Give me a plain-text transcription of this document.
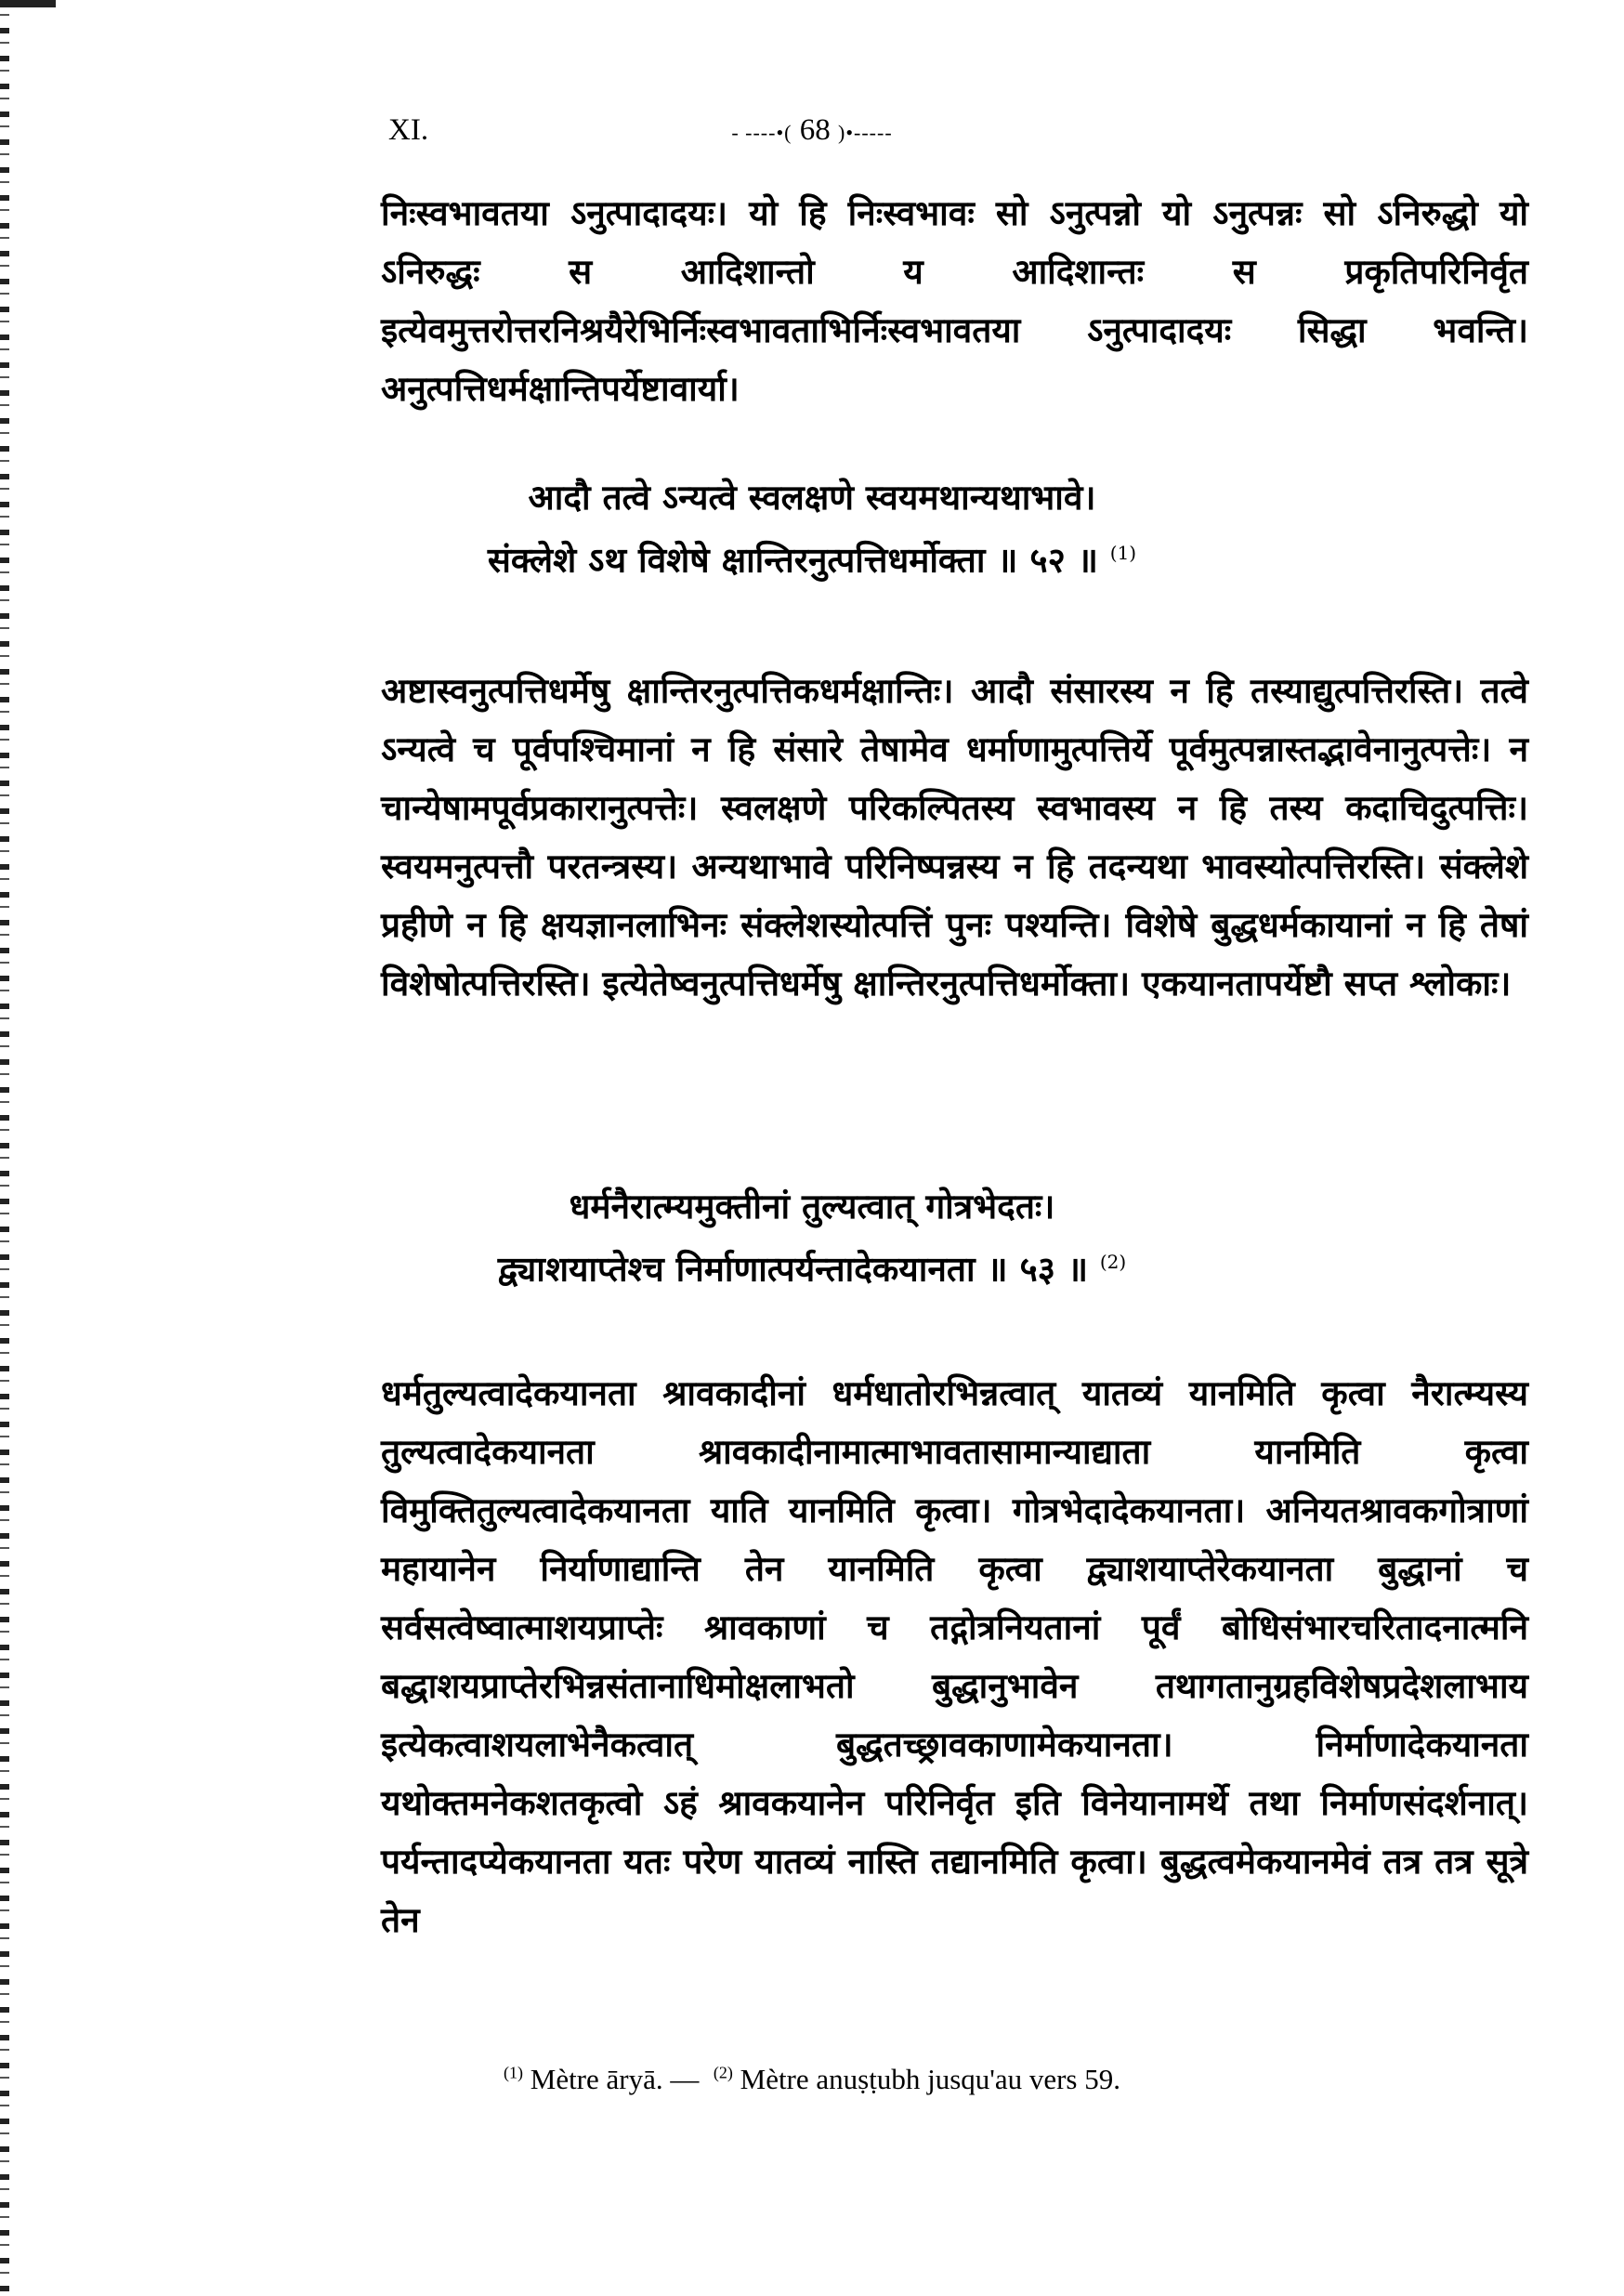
XI.	- -‑‑‑•( 68 )•‑‑‑--

निःस्वभावतया ऽनुत्पादादयः। यो हि निःस्वभावः सो ऽनुत्पन्नो यो ऽनुत्पन्नः सो ऽनिरुद्धो यो ऽनिरुद्धः स आदिशान्तो य आदिशान्तः स प्रकृतिपरिनिर्वृत इत्येवमुत्तरोत्तरनिश्रयैरेभिर्निःस्वभावताभिर्निःस्वभावतया ऽनुत्पादादयः सिद्धा भवन्ति। अनुत्पत्तिधर्मक्षान्तिपर्येष्टावार्या।

आदौ तत्वे ऽन्यत्वे स्वलक्षणे स्वयमथान्यथाभावे।
संक्लेशे ऽथ विशेषे क्षान्तिरनुत्पत्तिधर्मोक्ता ॥ ५२ ॥ $^{(1)}$

अष्टास्वनुत्पत्तिधर्मेषु क्षान्तिरनुत्पत्तिकधर्मक्षान्तिः। आदौ संसारस्य न हि तस्याद्युत्पत्तिरस्ति। तत्वे ऽन्यत्वे च पूर्वपश्चिमानां न हि संसारे तेषामेव धर्माणामुत्पत्तिर्ये पूर्वमुत्पन्नास्तद्भावेनानुत्पत्तेः। न चान्येषामपूर्वप्रकारानुत्पत्तेः। स्वलक्षणे परिकल्पितस्य स्वभावस्य न हि तस्य कदाचिदुत्पत्तिः। स्वयमनुत्पत्तौ परतन्त्रस्य। अन्यथाभावे परिनिष्पन्नस्य न हि तदन्यथा भावस्योत्पत्तिरस्ति। संक्लेशे प्रहीणे न हि क्षयज्ञानलाभिनः संक्लेशस्योत्पत्तिं पुनः पश्यन्ति। विशेषे बुद्धधर्मकायानां न हि तेषां विशेषोत्पत्तिरस्ति। इत्येतेष्वनुत्पत्तिधर्मेषु क्षान्तिरनुत्पत्तिधर्मोक्ता। एकयानतापर्येष्टौ सप्त श्लोकाः।

धर्मनैरात्म्यमुक्तीनां तुल्यत्वात् गोत्रभेदतः।
द्व्याशयाप्तेश्च निर्माणात्पर्यन्तादेकयानता ॥ ५३ ॥ $^{(2)}$

धर्मतुल्यत्वादेकयानता श्रावकादीनां धर्मधातोरभिन्नत्वात् यातव्यं यानमिति कृत्वा नैरात्म्यस्य तुल्यत्वादेकयानता श्रावकादीनामात्माभावतासामान्याद्याता यानमिति कृत्वा विमुक्तितुल्यत्वादेकयानता याति यानमिति कृत्वा। गोत्रभेदादेकयानता। अनियतश्रावकगोत्राणां महायानेन निर्याणाद्यान्ति तेन यानमिति कृत्वा द्व्याशयाप्तेरेकयानता बुद्धानां च सर्वसत्वेष्वात्माशयप्राप्तेः श्रावकाणां च तद्गोत्रनियतानां पूर्वं बोधिसंभारचरितादनात्मनि बद्धाशयप्राप्तेरभिन्नसंतानाधिमोक्षलाभतो बुद्धानुभावेन तथागतानुग्रहविशेषप्रदेशलाभाय इत्येकत्वाशयलाभेनैकत्वात् बुद्धतच्छ्रावकाणामेकयानता। निर्माणादेकयानता यथोक्तमनेकशतकृत्वो ऽहं श्रावकयानेन परिनिर्वृत इति विनेयानामर्थे तथा निर्माणसंदर्शनात्। पर्यन्तादप्येकयानता यतः परेण यातव्यं नास्ति तद्यानमिति कृत्वा। बुद्धत्वमेकयानमेवं तत्र तत्र सूत्रे तेन

$^{(1)}$ Mètre āryā. — $^{(2)}$ Mètre anuṣṭubh jusqu'au vers 59.
